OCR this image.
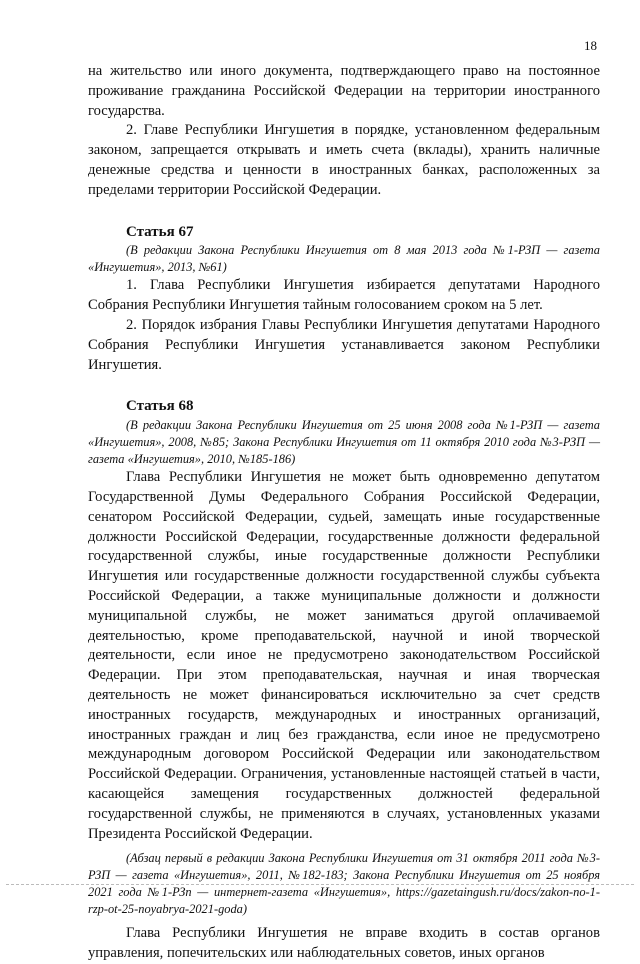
18

на жительство или иного документа, подтверждающего право на постоянное проживание гражданина Российской Федерации на территории иностранного государства.

2. Главе Республики Ингушетия в порядке, установленном федеральным законом, запрещается открывать и иметь счета (вклады), хранить наличные денежные средства и ценности в иностранных банках, расположенных за пределами территории Российской Федерации.

Статья 67

(В редакции Закона Республики Ингушетия от 8 мая 2013 года №1-РЗП — газета «Ингушетия», 2013, №61)

1. Глава Республики Ингушетия избирается депутатами Народного Собрания Республики Ингушетия тайным голосованием сроком на 5 лет.

2. Порядок избрания Главы Республики Ингушетия депутатами Народного Собрания Республики Ингушетия устанавливается законом Республики Ингушетия.

Статья 68

(В редакции Закона Республики Ингушетия от 25 июня 2008 года №1-РЗП — газета «Ингушетия», 2008, №85; Закона Республики Ингушетия от 11 октября 2010 года №3-РЗП — газета «Ингушетия», 2010, №185-186)

Глава Республики Ингушетия не может быть одновременно депутатом Государственной Думы Федерального Собрания Российской Федерации, сенатором Российской Федерации, судьей, замещать иные государственные должности Российской Федерации, государственные должности федеральной государственной службы, иные государственные должности Республики Ингушетия или государственные должности государственной службы субъекта Российской Федерации, а также муниципальные должности и должности муниципальной службы, не может заниматься другой оплачиваемой деятельностью, кроме преподавательской, научной и иной творческой деятельности, если иное не предусмотрено законодательством Российской Федерации. При этом преподавательская, научная и иная творческая деятельность не может финансироваться исключительно за счет средств иностранных государств, международных и иностранных организаций, иностранных граждан и лиц без гражданства, если иное не предусмотрено международным договором Российской Федерации или законодательством Российской Федерации. Ограничения, установленные настоящей статьей в части, касающейся замещения государственных должностей федеральной государственной службы, не применяются в случаях, установленных указами Президента Российской Федерации.

(Абзац первый в редакции Закона Республики Ингушетия от 31 октября 2011 года №3-РЗП — газета «Ингушетия», 2011, №182-183; Закона Республики Ингушетия от 25 ноября 2021 года №1-РЗп — интернет-газета «Ингушетия», https://gazetaingush.ru/docs/zakon-no-1-rzp-ot-25-noyabrya-2021-goda)

Глава Республики Ингушетия не вправе входить в состав органов управления, попечительских или наблюдательных советов, иных органов
